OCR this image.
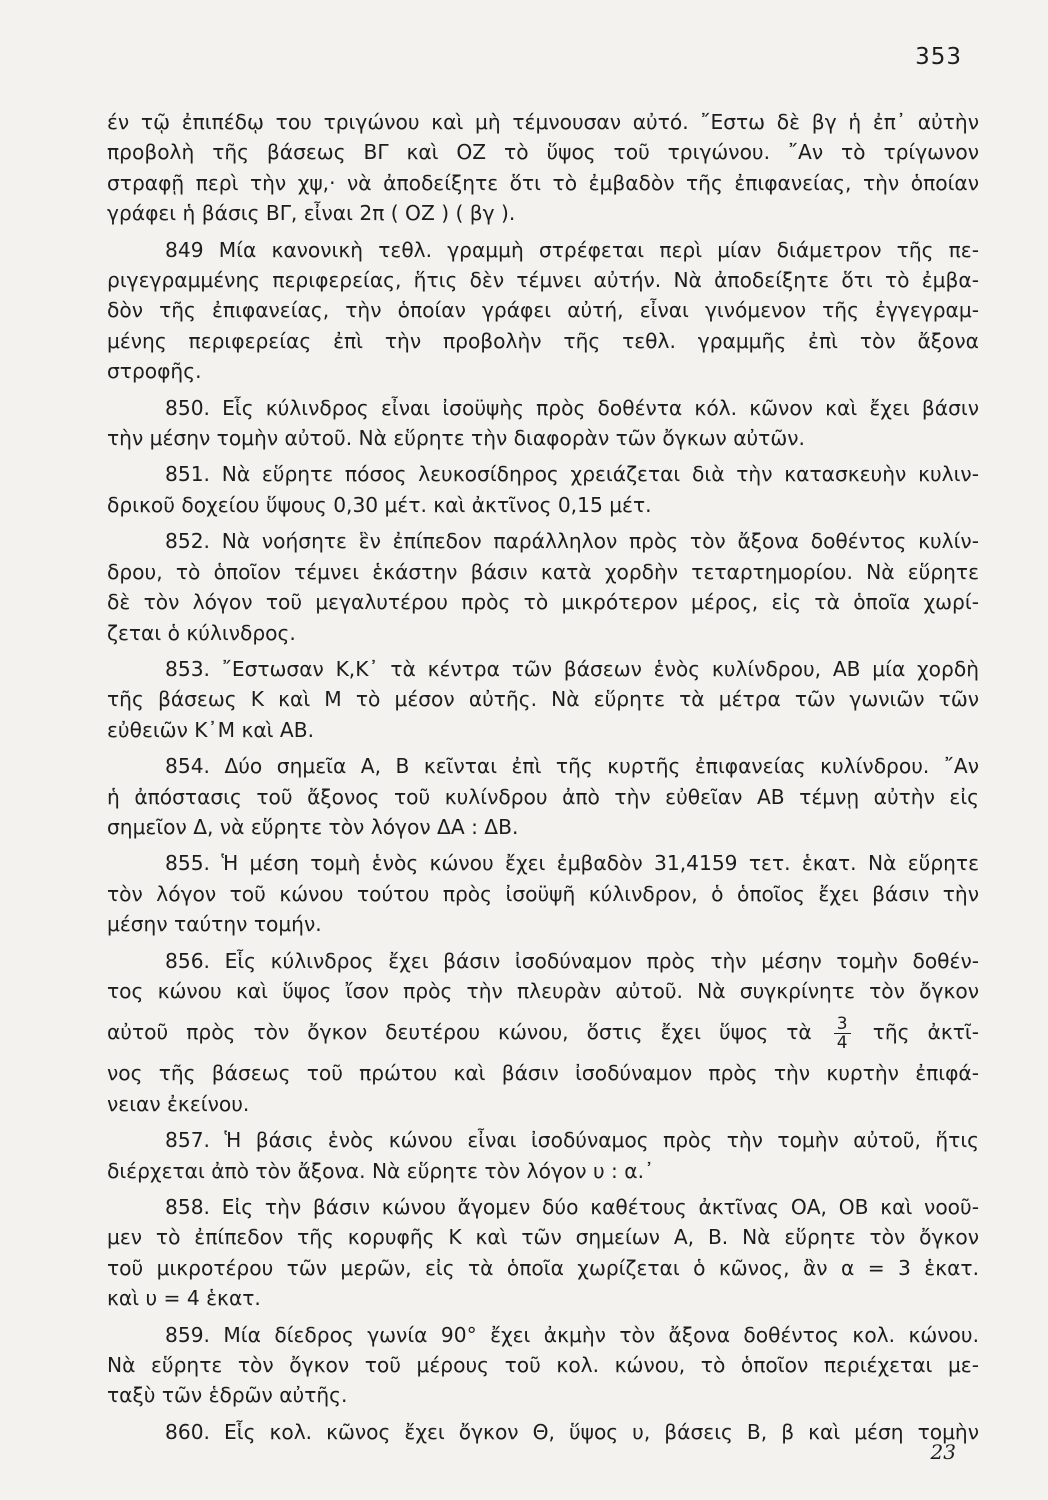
353
έν τῷ ἐπιπέδῳ του τριγώνου καὶ μὴ τέμνουσαν αὐτό. ῎Εστω δὲ βγ ἡ ἐπ᾽ αὐτὴν
προβολὴ τῆς βάσεως ΒΓ καὶ ΟΖ τὸ ὕψος τοῦ τριγώνου. ῎Αν τὸ τρίγωνον
στραφῇ περὶ τὴν χψ,· νὰ ἀποδείξητε ὅτι τὸ ἐμβαδὸν τῆς ἐπιφανείας, τὴν ὁποίαν
γράφει ἡ βάσις ΒΓ, εἶναι 2π ( ΟΖ ) ( βγ ).
849 Μία κανονικὴ τεθλ. γραμμὴ στρέφεται περὶ μίαν διάμετρον τῆς πε-
ριγεγραμμένης περιφερείας, ἥτις δὲν τέμνει αὐτήν. Νὰ ἀποδείξητε ὅτι τὸ ἐμβα-
δὸν τῆς ἐπιφανείας, τὴν ὁποίαν γράφει αὐτή, εἶναι γινόμενον τῆς ἐγγεγραμ-
μένης περιφερείας ἐπὶ τὴν προβολὴν τῆς τεθλ. γραμμῆς ἐπὶ τὸν ἄξονα
στροφῆς.
850. Εἷς κύλινδρος εἶναι ἰσοϋψὴς πρὸς δοθέντα κόλ. κῶνον καὶ ἔχει βάσιν
τὴν μέσην τομὴν αὐτοῦ. Νὰ εὕρητε τὴν διαφορὰν τῶν ὄγκων αὐτῶν.
851. Νὰ εὕρητε πόσος λευκοσίδηρος χρειάζεται διὰ τὴν κατασκευὴν κυλιν-
δρικοῦ δοχείου ὕψους 0,30 μέτ. καὶ ἀκτῖνος 0,15 μέτ.
852. Νὰ νοήσητε ἓν ἐπίπεδον παράλληλον πρὸς τὸν ἄξονα δοθέντος κυλίν-
δρου, τὸ ὁποῖον τέμνει ἑκάστην βάσιν κατὰ χορδὴν τεταρτημορίου. Νὰ εὕρητε
δὲ τὸν λόγον τοῦ μεγαλυτέρου πρὸς τὸ μικρότερον μέρος, εἰς τὰ ὁποῖα χωρί-
ζεται ὁ κύλινδρος.
853. ῎Εστωσαν Κ,Κ᾽ τὰ κέντρα τῶν βάσεων ἑνὸς κυλίνδρου, ΑΒ μία χορδὴ
τῆς βάσεως Κ καὶ Μ τὸ μέσον αὐτῆς. Νὰ εὕρητε τὰ μέτρα τῶν γωνιῶν τῶν
εὐθειῶν Κ᾽Μ καὶ ΑΒ.
854. Δύο σημεῖα Α, Β κεῖνται ἐπὶ τῆς κυρτῆς ἐπιφανείας κυλίνδρου. ῎Αν
ἡ ἀπόστασις τοῦ ἄξονος τοῦ κυλίνδρου ἀπὸ τὴν εὐθεῖαν ΑΒ τέμνῃ αὐτὴν εἰς
σημεῖον Δ, νὰ εὕρητε τὸν λόγον ΔΑ : ΔΒ.
855. Ἡ μέση τομὴ ἑνὸς κώνου ἔχει ἐμβαδὸν 31,4159 τετ. ἑκατ. Νὰ εὕρητε
τὸν λόγον τοῦ κώνου τούτου πρὸς ἰσοϋψῆ κύλινδρον, ὁ ὁποῖος ἔχει βάσιν τὴν
μέσην ταύτην τομήν.
856. Εἷς κύλινδρος ἔχει βάσιν ἰσοδύναμον πρὸς τὴν μέσην τομὴν δοθέν-
τος κώνου καὶ ὕψος ἴσον πρὸς τὴν πλευρὰν αὐτοῦ. Νὰ συγκρίνητε τὸν ὄγκον
αὐτοῦ πρὸς τὸν ὄγκον δευτέρου κώνου, ὅστις ἔχει ὕψος τὰ $\frac{3}{4}$ τῆς ἀκτῖ-
νος τῆς βάσεως τοῦ πρώτου καὶ βάσιν ἰσοδύναμον πρὸς τὴν κυρτὴν ἐπιφά-
νειαν ἐκείνου.
857. Ἡ βάσις ἑνὸς κώνου εἶναι ἰσοδύναμος πρὸς τὴν τομὴν αὐτοῦ, ἥτις
διέρχεται ἀπὸ τὸν ἄξονα. Νὰ εὕρητε τὸν λόγον υ : α.᾽
858. Εἰς τὴν βάσιν κώνου ἄγομεν δύο καθέτους ἀκτῖνας ΟΑ, ΟΒ καὶ νοοῦ-
μεν τὸ ἐπίπεδον τῆς κορυφῆς Κ καὶ τῶν σημείων Α, Β. Νὰ εὕρητε τὸν ὄγκον
τοῦ μικροτέρου τῶν μερῶν, εἰς τὰ ὁποῖα χωρίζεται ὁ κῶνος, ἂν α = 3 ἑκατ.
καὶ υ = 4 ἑκατ.
859. Μία δίεδρος γωνία 90° ἔχει ἀκμὴν τὸν ἄξονα δοθέντος κολ. κώνου.
Νὰ εὕρητε τὸν ὄγκον τοῦ μέρους τοῦ κολ. κώνου, τὸ ὁποῖον περιέχεται με-
ταξὺ τῶν ἑδρῶν αὐτῆς.
860. Εἷς κολ. κῶνος ἔχει ὄγκον Θ, ὕψος υ, βάσεις Β, β καὶ μέση τομὴν
23
